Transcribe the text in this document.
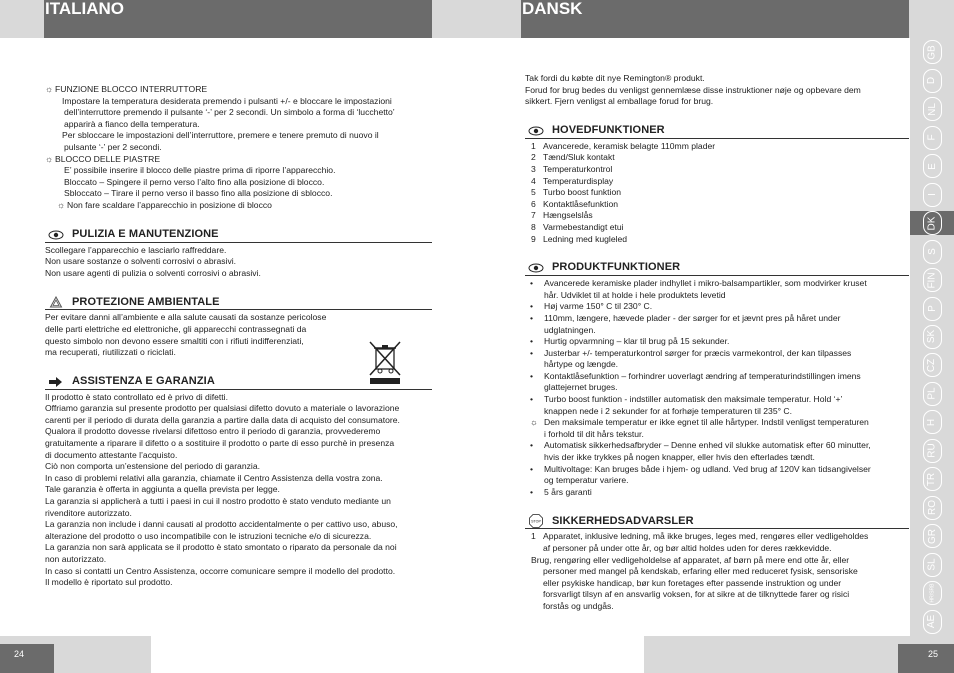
ITALIANO
☼ FUNZIONE BLOCCO INTERRUTTORE
Impostare la temperatura desiderata premendo i pulsanti +/- e bloccare le impostazioni
dell’interruttore premendo il pulsante ‘-’ per 2 secondi. Un simbolo a forma di ‘lucchetto’
apparirà a fianco della temperatura.
Per sbloccare le impostazioni dell’interruttore, premere e tenere premuto di nuovo il
pulsante ‘-’ per 2 secondi.
☼ BLOCCO DELLE PIASTRE
E’ possibile inserire il blocco delle piastre prima di riporre l’apparecchio.
Bloccato – Spingere il perno verso l’alto fino alla posizione di blocco.
Sbloccato – Tirare il perno verso il basso fino alla posizione di sblocco.
☼ Non fare scaldare l’apparecchio in posizione di blocco
PULIZIA E MANUTENZIONE
Scollegare l’apparecchio e lasciarlo raffreddare.
Non usare sostanze o solventi corrosivi o abrasivi.
Non usare agenti di pulizia o solventi corrosivi o abrasivi.
PROTEZIONE AMBIENTALE
Per evitare danni all’ambiente e alla salute causati da sostanze pericolose
delle parti elettriche ed elettroniche, gli apparecchi contrassegnati da
questo simbolo non devono essere smaltiti con i rifiuti indifferenziati,
ma recuperati, riutilizzati o riciclati.
ASSISTENZA E GARANZIA
Il prodotto è stato controllato ed è privo di difetti.
Offriamo garanzia sul presente prodotto per qualsiasi difetto dovuto a materiale o lavorazione
carenti per il periodo di durata della garanzia a partire dalla data di acquisto del consumatore.
Qualora il prodotto dovesse rivelarsi difettoso entro il periodo di garanzia, provvederemo
gratuitamente a riparare il difetto o a sostituire il prodotto o parte di esso purchè in presenza
di documento attestante l’acquisto.
Ciò non comporta un’estensione del periodo di garanzia.
In caso di problemi relativi alla garanzia, chiamate il Centro Assistenza della vostra zona.
Tale garanzia è offerta in aggiunta a quella prevista per legge.
La garanzia si applicherà a tutti i paesi in cui il nostro prodotto è stato venduto mediante un
rivenditore autorizzato.
La garanzia non include i danni causati al prodotto accidentalmente o per cattivo uso, abuso,
alterazione del prodotto o uso incompatibile con le istruzioni tecniche e/o di sicurezza.
La garanzia non sarà applicata se il prodotto è stato smontato o riparato da personale da noi
non autorizzato.
In caso si contatti un Centro Assistenza, occorre comunicare sempre il modello del prodotto.
Il modello è riportato sul prodotto.
24
DANSK
Tak fordi du købte dit nye Remington® produkt.
Forud for brug bedes du venligst gennemlæse disse instruktioner nøje og opbevare dem
sikkert. Fjern venligst al emballage forud for brug.
HOVEDFUNKTIONER
1 Avancerede, keramisk belagte 110mm plader
2 Tænd/Sluk kontakt
3 Temperaturkontrol
4 Temperaturdisplay
5 Turbo boost funktion
6 Kontaktlåsefunktion
7 Hængselslås
8 Varmebestandigt etui
9 Ledning med kugleled
PRODUKTFUNKTIONER
•	Avancerede keramiske plader indhyllet i mikro-balsampartikler, som modvirker kruset
hår. Udviklet til at holde i hele produktets levetid
•	Høj varme 150° C til 230° C.
•	110mm, længere, hævede plader - der sørger for et jævnt pres på håret under
udglatningen.
•	Hurtig opvarmning – klar til brug på 15 sekunder.
•	Justerbar +/- temperaturkontrol sørger for præcis varmekontrol, der kan tilpasses
hårtype og længde.
•	Kontaktlåsefunktion – forhindrer uoverlagt ændring af temperaturindstillingen imens
glattejernet bruges.
•	Turbo boost funktion - indstiller automatisk den maksimale temperatur. Hold ‘+’
knappen nede i 2 sekunder for at forhøje temperaturen til 235° C.
☼ Den maksimale temperatur er ikke egnet til alle hårtyper. Indstil venligst temperaturen
i forhold til dit hårs tekstur.
•	Automatisk sikkerhedsafbryder – Denne enhed vil slukke automatisk efter 60 minutter,
hvis der ikke trykkes på nogen knapper, eller hvis den efterlades tændt.
•	Multivoltage: Kan bruges både i hjem- og udland. Ved brug af 120V kan tidsangivelser
og temperatur variere.
•	5 års garanti
STOP SIKKERHEDSADVARSLER
1 Apparatet, inklusive ledning, må ikke bruges, leges med, rengøres eller vedligeholdes
af personer på under otte år, og bør altid holdes uden for deres rækkevidde.
Brug, rengøring eller vedligeholdelse af apparatet, af børn på mere end otte år, eller
personer med mangel på kendskab, erfaring eller med reduceret fysisk, sensoriske
eller psykiske handicap, bør kun foretages efter passende instruktion og under
forsvarligt tilsyn af en ansvarlig voksen, for at sikre at de tilknyttede farer og risici
forstås og undgås.
25
GB
D
NL
F
E
I
DK
S
FIN
P
SK
CZ
PL
H
RU
TR
RO
GR
SL
HR/SRB
AE
